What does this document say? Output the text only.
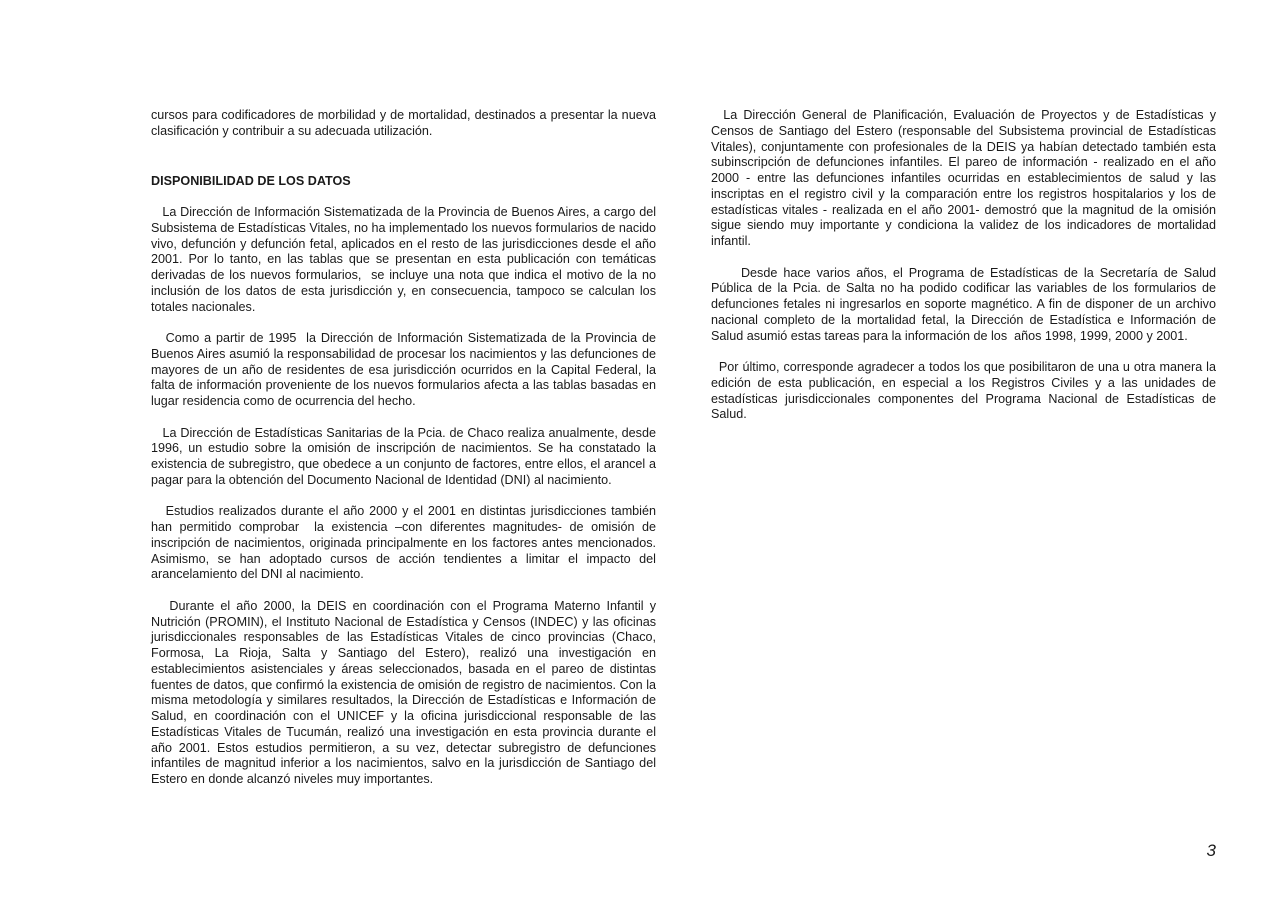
cursos para codificadores de morbilidad y de mortalidad, destinados a presentar la nueva clasificación y contribuir a su adecuada utilización.

DISPONIBILIDAD DE LOS DATOS

La Dirección de Información Sistematizada de la Provincia de Buenos Aires, a cargo del Subsistema de Estadísticas Vitales, no ha implementado los nuevos formularios de nacido vivo, defunción y defunción fetal, aplicados en el resto de las jurisdicciones desde el año 2001. Por lo tanto, en las tablas que se presentan en esta publicación con temáticas derivadas de los nuevos formularios,  se incluye una nota que indica el motivo de la no inclusión de los datos de esta jurisdicción y, en consecuencia, tampoco se calculan los totales nacionales.

Como a partir de 1995  la Dirección de Información Sistematizada de la Provincia de Buenos Aires asumió la responsabilidad de procesar los nacimientos y las defunciones de mayores de un año de residentes de esa jurisdicción ocurridos en la Capital Federal, la falta de información proveniente de los nuevos formularios afecta a las tablas basadas en lugar residencia como de ocurrencia del hecho.

La Dirección de Estadísticas Sanitarias de la Pcia. de Chaco realiza anualmente, desde 1996, un estudio sobre la omisión de inscripción de nacimientos. Se ha constatado la existencia de subregistro, que obedece a un conjunto de factores, entre ellos, el arancel a pagar para la obtención del Documento Nacional de Identidad (DNI) al nacimiento.

Estudios realizados durante el año 2000 y el 2001 en distintas jurisdicciones también han permitido comprobar  la existencia –con diferentes magnitudes- de omisión de inscripción de nacimientos, originada principalmente en los factores antes mencionados.  Asimismo, se han adoptado cursos de acción tendientes a limitar el impacto del arancelamiento del DNI al nacimiento.

Durante el año 2000, la DEIS en coordinación con el Programa Materno Infantil y Nutrición (PROMIN), el Instituto Nacional de Estadística y Censos (INDEC) y las oficinas jurisdiccionales responsables de las Estadísticas Vitales de cinco provincias (Chaco, Formosa, La Rioja, Salta y Santiago del Estero), realizó una investigación en establecimientos asistenciales y áreas seleccionados, basada en el pareo de distintas fuentes de datos, que confirmó la existencia de omisión de registro de nacimientos. Con la misma metodología y similares resultados, la Dirección de Estadísticas e Información de Salud, en coordinación con el UNICEF y la oficina jurisdiccional responsable de las Estadísticas Vitales de Tucumán, realizó una investigación en esta provincia durante el año 2001. Estos estudios permitieron, a su vez, detectar subregistro de defunciones infantiles de magnitud inferior a los nacimientos, salvo en la jurisdicción de Santiago del Estero en donde alcanzó niveles muy importantes.

La Dirección General de Planificación, Evaluación de Proyectos y de Estadísticas y Censos de Santiago del Estero (responsable del Subsistema provincial de Estadísticas Vitales), conjuntamente con profesionales de la DEIS ya habían detectado también esta  subinscripción de defunciones infantiles. El pareo de información - realizado en el año 2000 - entre las defunciones infantiles ocurridas en establecimientos de salud y las inscriptas en el registro civil y la comparación entre los registros hospitalarios y los de estadísticas vitales - realizada en el año 2001- demostró que la magnitud de la omisión sigue siendo muy importante y condiciona la validez de los indicadores de mortalidad infantil.

Desde hace varios años, el Programa de Estadísticas de la Secretaría de Salud Pública de la Pcia. de Salta no ha podido codificar las variables de los formularios de defunciones fetales ni ingresarlos en soporte magnético. A fin de disponer de un archivo nacional completo de la mortalidad fetal, la Dirección de Estadística e Información de Salud asumió estas tareas para la información de los  años 1998, 1999, 2000 y 2001.

Por último, corresponde agradecer a todos los que posibilitaron de una u otra manera la edición de esta publicación, en especial a los Registros Civiles y a las unidades de estadísticas jurisdiccionales componentes del Programa Nacional de Estadísticas de Salud.

3
